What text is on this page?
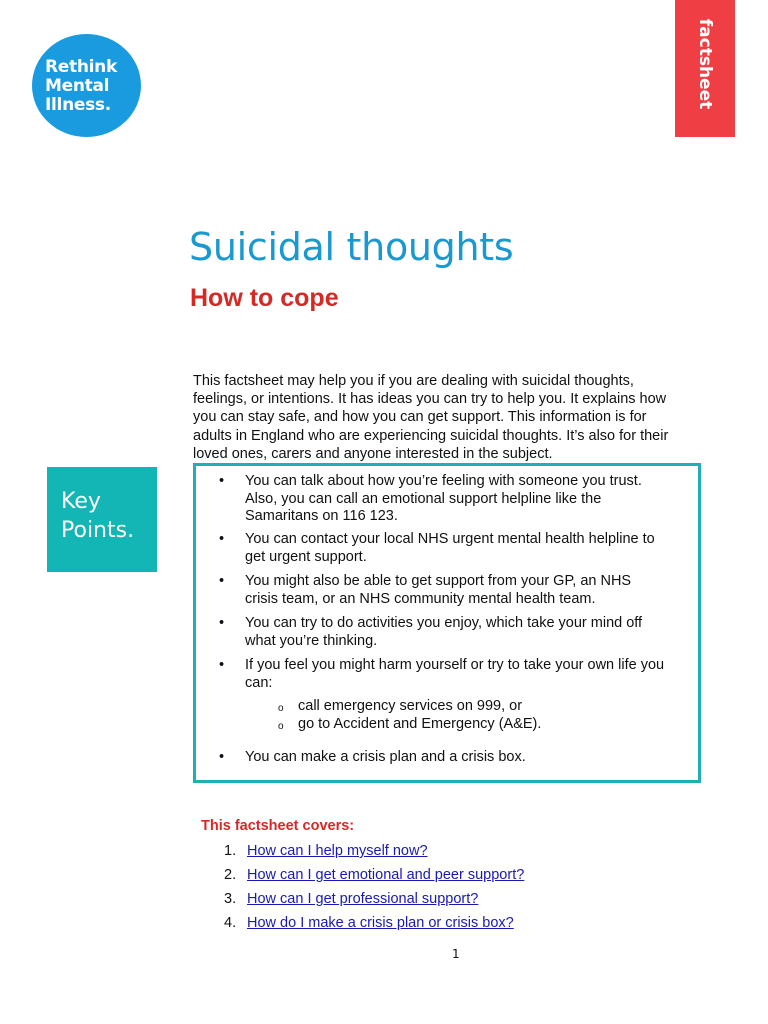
Rethink
Mental
Illness.	factsheet
Suicidal thoughts
How to cope

This factsheet may help you if you are dealing with suicidal thoughts,

feelings, or intentions. It has ideas you can try to help you. It explains how

you can stay safe, and how you can get support. This information is for

adults in England who are experiencing suicidal thoughts. It’s also for their

loved ones, carers and anyone interested in the subject.

Key
Points.
• You can talk about how you’re feeling with someone you trust.

Also, you can call an emotional support helpline like the

Samaritans on 116 123.

• You can contact your local NHS urgent mental health helpline to

get urgent support.

• You might also be able to get support from your GP, an NHS

crisis team, or an NHS community mental health team.

• You can try to do activities you enjoy, which take your mind off

what you’re thinking.

• If you feel you might harm yourself or try to take your own life you

can:

o call emergency services on 999, or
o go to Accident and Emergency (A&E).
• You can make a crisis plan and a crisis box.

This factsheet covers:
1. How can I help myself now?
2. How can I get emotional and peer support?
3. How can I get professional support?
4. How do I make a crisis plan or crisis box?
1
